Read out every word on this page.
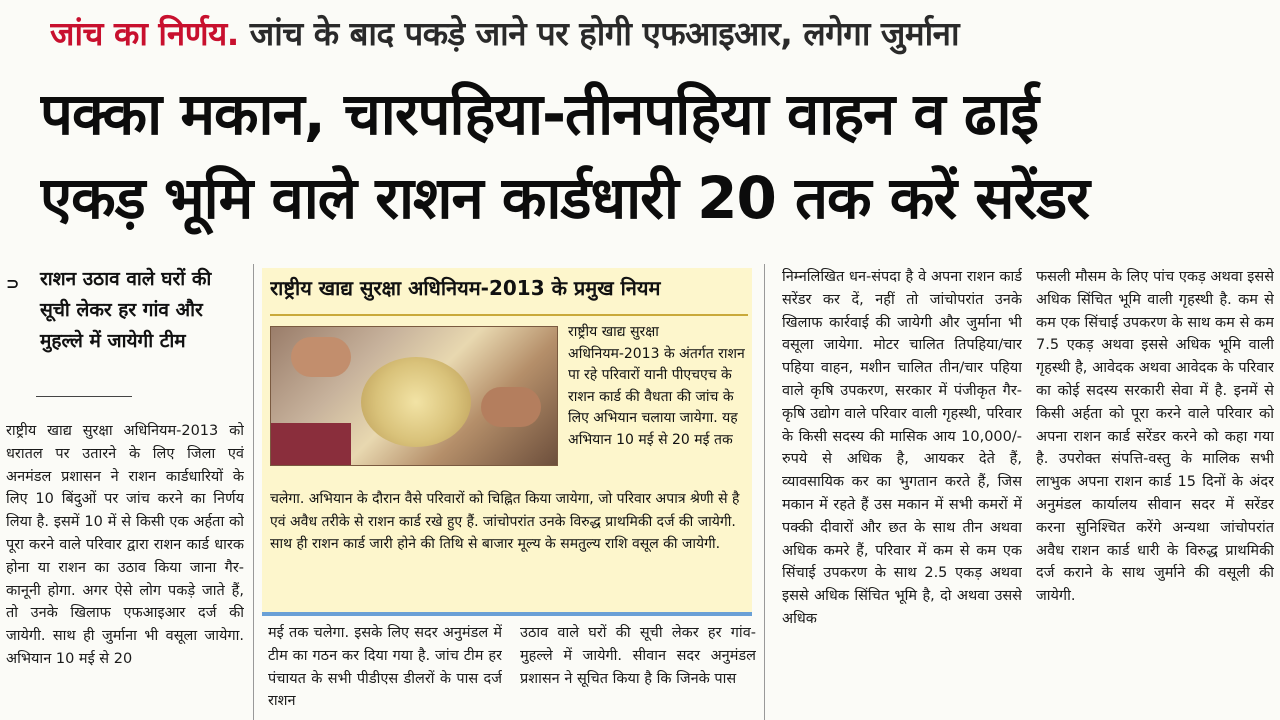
जांच का निर्णय. जांच के बाद पकड़े जाने पर होगी एफआइआर, लगेगा जुर्माना
पक्का मकान, चारपहिया-तीनपहिया वाहन व ढाई
एकड़ भूमि वाले राशन कार्डधारी 20 तक करें सरेंडर
⊃	राशन उठाव वाले घरों की सूची लेकर हर गांव और मुहल्ले में जायेगी टीम
राष्ट्रीय खाद्य सुरक्षा अधिनियम-2013 को धरातल पर उतारने के लिए जिला एवं अनमंडल प्रशासन ने राशन कार्डधारियों के लिए 10 बिंदुओं पर जांच करने का निर्णय लिया है. इसमें 10 में से किसी एक अर्हता को पूरा करने वाले परिवार द्वारा राशन कार्ड धारक होना या राशन का उठाव किया जाना गैर-कानूनी होगा. अगर ऐसे लोग पकड़े जाते हैं, तो उनके खिलाफ एफआइआर दर्ज की जायेगी. साथ ही जुर्माना भी वसूला जायेगा. अभियान 10 मई से 20
राष्ट्रीय खाद्य सुरक्षा अधिनियम-2013 के प्रमुख नियम
राष्ट्रीय खाद्य सुरक्षा अधिनियम-2013 के अंतर्गत राशन पा रहे परिवारों यानी पीएचएच के राशन कार्ड की वैधता की जांच के लिए अभियान चलाया जायेगा. यह अभियान 10 मई से 20 मई तक
चलेगा. अभियान के दौरान वैसे परिवारों को चिह्नित किया जायेगा, जो परिवार अपात्र श्रेणी से है एवं अवैध तरीके से राशन कार्ड रखे हुए हैं. जांचोपरांत उनके विरुद्ध प्राथमिकी दर्ज की जायेगी. साथ ही राशन कार्ड जारी होने की तिथि से बाजार मूल्य के समतुल्य राशि वसूल की जायेगी.
मई तक चलेगा. इसके लिए सदर अनुमंडल में टीम का गठन कर दिया गया है. जांच टीम हर पंचायत के सभी पीडीएस डीलरों के पास दर्ज राशन
उठाव वाले घरों की सूची लेकर हर गांव-मुहल्ले में जायेगी. सीवान सदर अनुमंडल प्रशासन ने सूचित किया है कि जिनके पास
निम्नलिखित धन-संपदा है वे अपना राशन कार्ड सरेंडर कर दें, नहीं तो जांचोपरांत उनके खिलाफ कार्रवाई की जायेगी और जुर्माना भी वसूला जायेगा. मोटर चालित तिपहिया/चार पहिया वाहन, मशीन चालित तीन/चार पहिया वाले कृषि उपकरण, सरकार में पंजीकृत गैर-कृषि उद्योग वाले परिवार वाली गृहस्थी, परिवार के किसी सदस्य की मासिक आय 10,000/- रुपये से अधिक है, आयकर देते हैं, व्यावसायिक कर का भुगतान करते हैं, जिस मकान में रहते हैं उस मकान में सभी कमरों में पक्की दीवारों और छत के साथ तीन अथवा अधिक कमरे हैं, परिवार में कम से कम एक सिंचाई उपकरण के साथ 2.5 एकड़ अथवा इससे अधिक सिंचित भूमि है, दो अथवा उससे अधिक
फसली मौसम के लिए पांच एकड़ अथवा इससे अधिक सिंचित भूमि वाली गृहस्थी है. कम से कम एक सिंचाई उपकरण के साथ कम से कम 7.5 एकड़ अथवा इससे अधिक भूमि वाली गृहस्थी है, आवेदक अथवा आवेदक के परिवार का कोई सदस्य सरकारी सेवा में है. इनमें से किसी अर्हता को पूरा करने वाले परिवार को अपना राशन कार्ड सरेंडर करने को कहा गया है. उपरोक्त संपत्ति-वस्तु के मालिक सभी लाभुक अपना राशन कार्ड 15 दिनों के अंदर अनुमंडल कार्यालय सीवान सदर में सरेंडर करना सुनिश्चित करेंगे अन्यथा जांचोपरांत अवैध राशन कार्ड धारी के विरुद्ध प्राथमिकी दर्ज कराने के साथ जुर्माने की वसूली की जायेगी.
